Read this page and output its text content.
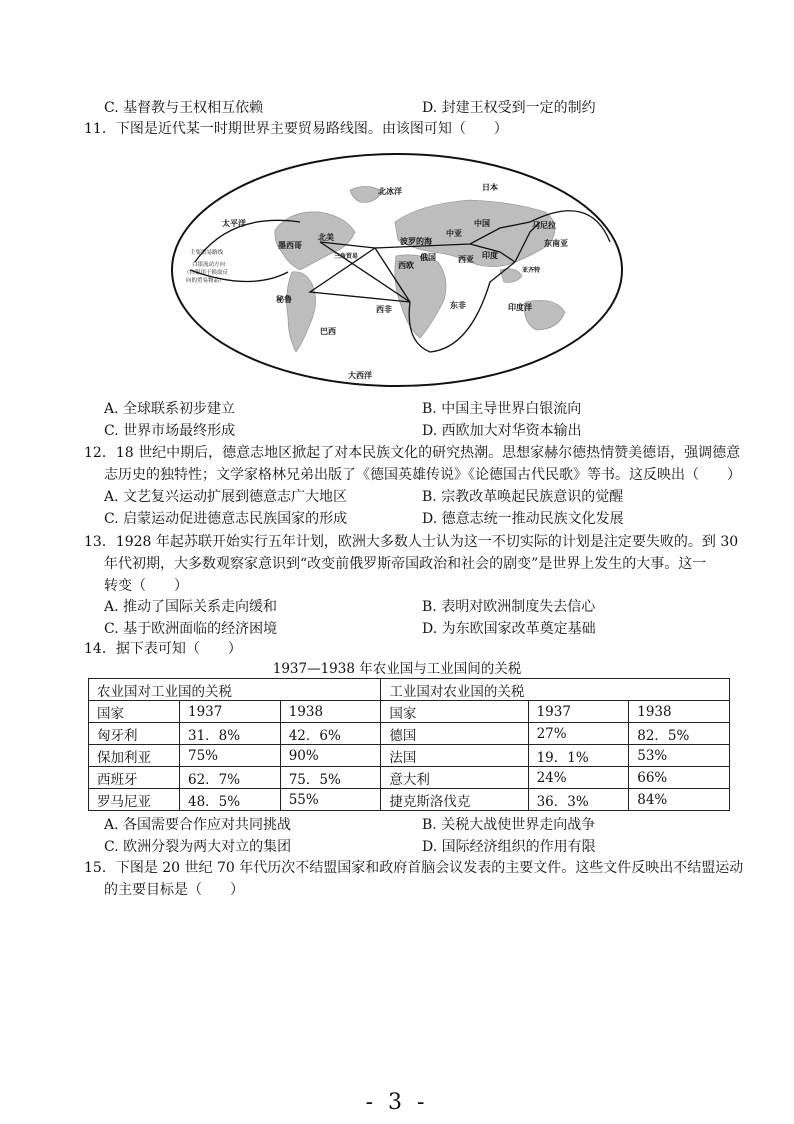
C. 基督教与王权相互依赖	D. 封建王权受到一定的制约
11．下图是近代某一时期世界主要贸易路线图。由该图可知（　　）
北冰洋
太平洋
大西洋
印度洋
日本
中国	马尼拉
东南亚
墨西哥
北美
三角贸易
波罗的海
中亚
西欧
俄国	西亚 印度
亚齐特
秘鲁
西非	东非
巴西
主要贸易路线
白银流动方向
（白银用于换取反
向的贸易物品）
A. 全球联系初步建立	B. 中国主导世界白银流向
C. 世界市场最终形成	D. 西欧加大对华资本输出
12．18 世纪中期后，德意志地区掀起了对本民族文化的研究热潮。思想家赫尔德热情赞美德语，强调德意
志历史的独特性；文学家格林兄弟出版了《德国英雄传说》《论德国古代民歌》等书。这反映出（　　）
A. 文艺复兴运动扩展到德意志广大地区	B. 宗教改革唤起民族意识的觉醒
C. 启蒙运动促进德意志民族国家的形成	D. 德意志统一推动民族文化发展
13．1928 年起苏联开始实行五年计划，欧洲大多数人士认为这一不切实际的计划是注定要失败的。到 30
年代初期，大多数观察家意识到“改变前俄罗斯帝国政治和社会的剧变”是世界上发生的大事。这一
转变（　　）
A. 推动了国际关系走向缓和	B. 表明对欧洲制度失去信心
C. 基于欧洲面临的经济困境	D. 为东欧国家改革奠定基础
14．据下表可知（　　）
1937—1938 年农业国与工业国间的关税
农业国对工业国的关税			工业国对农业国的关税		
国家	1937	1938	国家	1937	1938
匈牙利	31．8%	42．6%	德国	27%	82．5%
保加利亚	75%	90%	法国	19．1%	53%
西班牙	62．7%	75．5%	意大利	24%	66%
罗马尼亚	48．5%	55%	捷克斯洛伐克	36．3%	84%
A. 各国需要合作应对共同挑战	B. 关税大战使世界走向战争
C. 欧洲分裂为两大对立的集团	D. 国际经济组织的作用有限
15．下图是 20 世纪 70 年代历次不结盟国家和政府首脑会议发表的主要文件。这些文件反映出不结盟运动
的主要目标是（　　）
- 3 -
